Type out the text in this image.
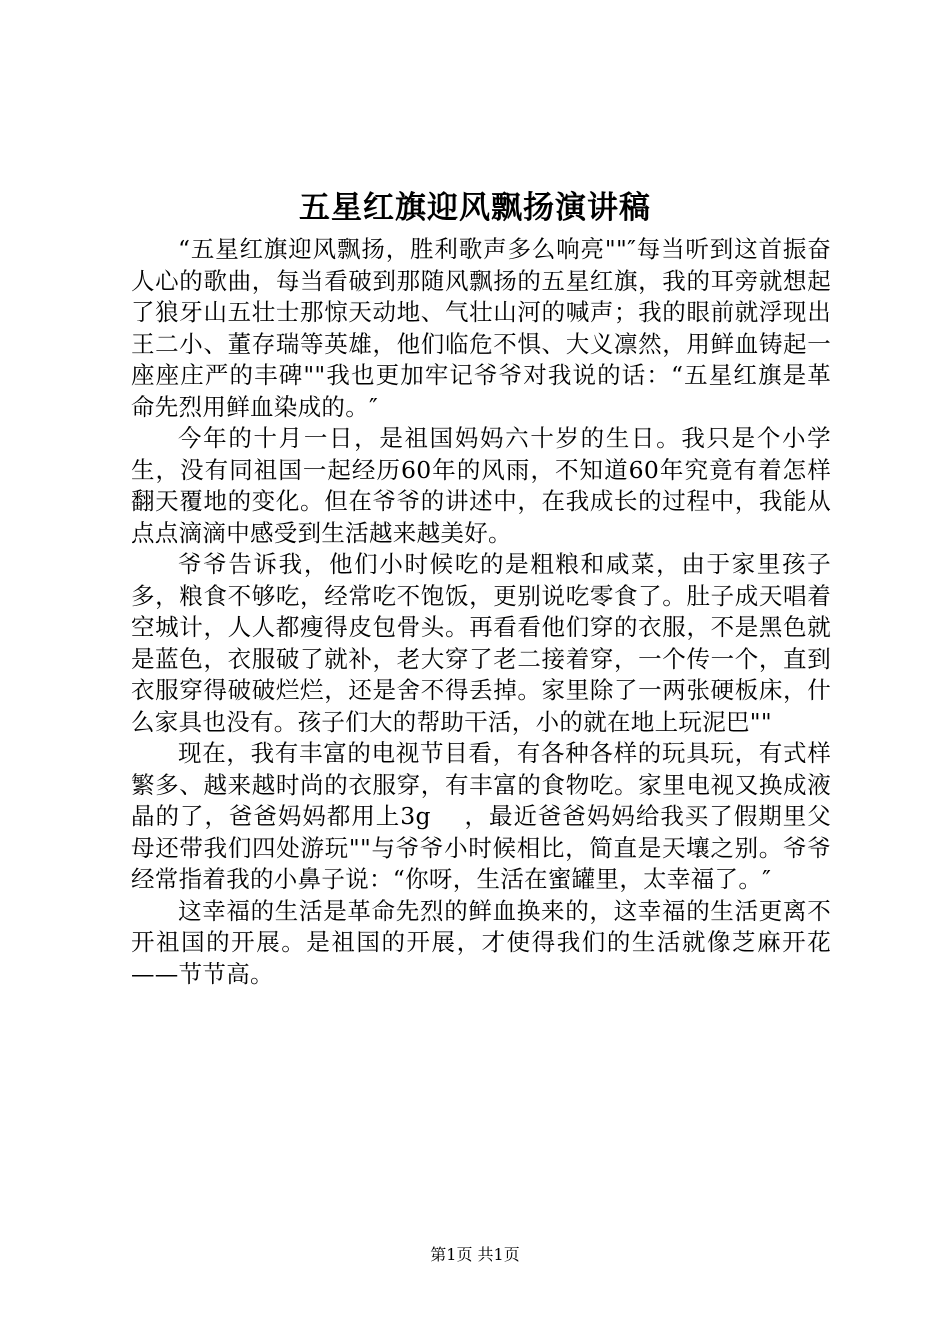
五星红旗迎风飘扬演讲稿

“五星红旗迎风飘扬，胜利歌声多么响亮""″每当听到这首振奋人心的歌曲，每当看破到那随风飘扬的五星红旗，我的耳旁就想起了狼牙山五壮士那惊天动地、气壮山河的喊声；我的眼前就浮现出王二小、董存瑞等英雄，他们临危不惧、大义凛然，用鲜血铸起一座座庄严的丰碑""我也更加牢记爷爷对我说的话：“五星红旗是革命先烈用鲜血染成的。″

今年的十月一日，是祖国妈妈六十岁的生日。我只是个小学生，没有同祖国一起经历60年的风雨，不知道60年究竟有着怎样翻天覆地的变化。但在爷爷的讲述中，在我成长的过程中，我能从点点滴滴中感受到生活越来越美好。

爷爷告诉我，他们小时候吃的是粗粮和咸菜，由于家里孩子多，粮食不够吃，经常吃不饱饭，更别说吃零食了。肚子成天唱着空城计，人人都瘦得皮包骨头。再看看他们穿的衣服，不是黑色就是蓝色，衣服破了就补，老大穿了老二接着穿，一个传一个，直到衣服穿得破破烂烂，还是舍不得丢掉。家里除了一两张硬板床，什么家具也没有。孩子们大的帮助干活，小的就在地上玩泥巴""

现在，我有丰富的电视节目看，有各种各样的玩具玩，有式样繁多、越来越时尚的衣服穿，有丰富的食物吃。家里电视又换成液晶的了，爸爸妈妈都用上3g　 ，最近爸爸妈妈给我买了假期里父母还带我们四处游玩""与爷爷小时候相比，简直是天壤之别。爷爷经常指着我的小鼻子说：“你呀，生活在蜜罐里，太幸福了。″

这幸福的生活是革命先烈的鲜血换来的，这幸福的生活更离不开祖国的开展。是祖国的开展，才使得我们的生活就像芝麻开花——节节高。

第1页 共1页
